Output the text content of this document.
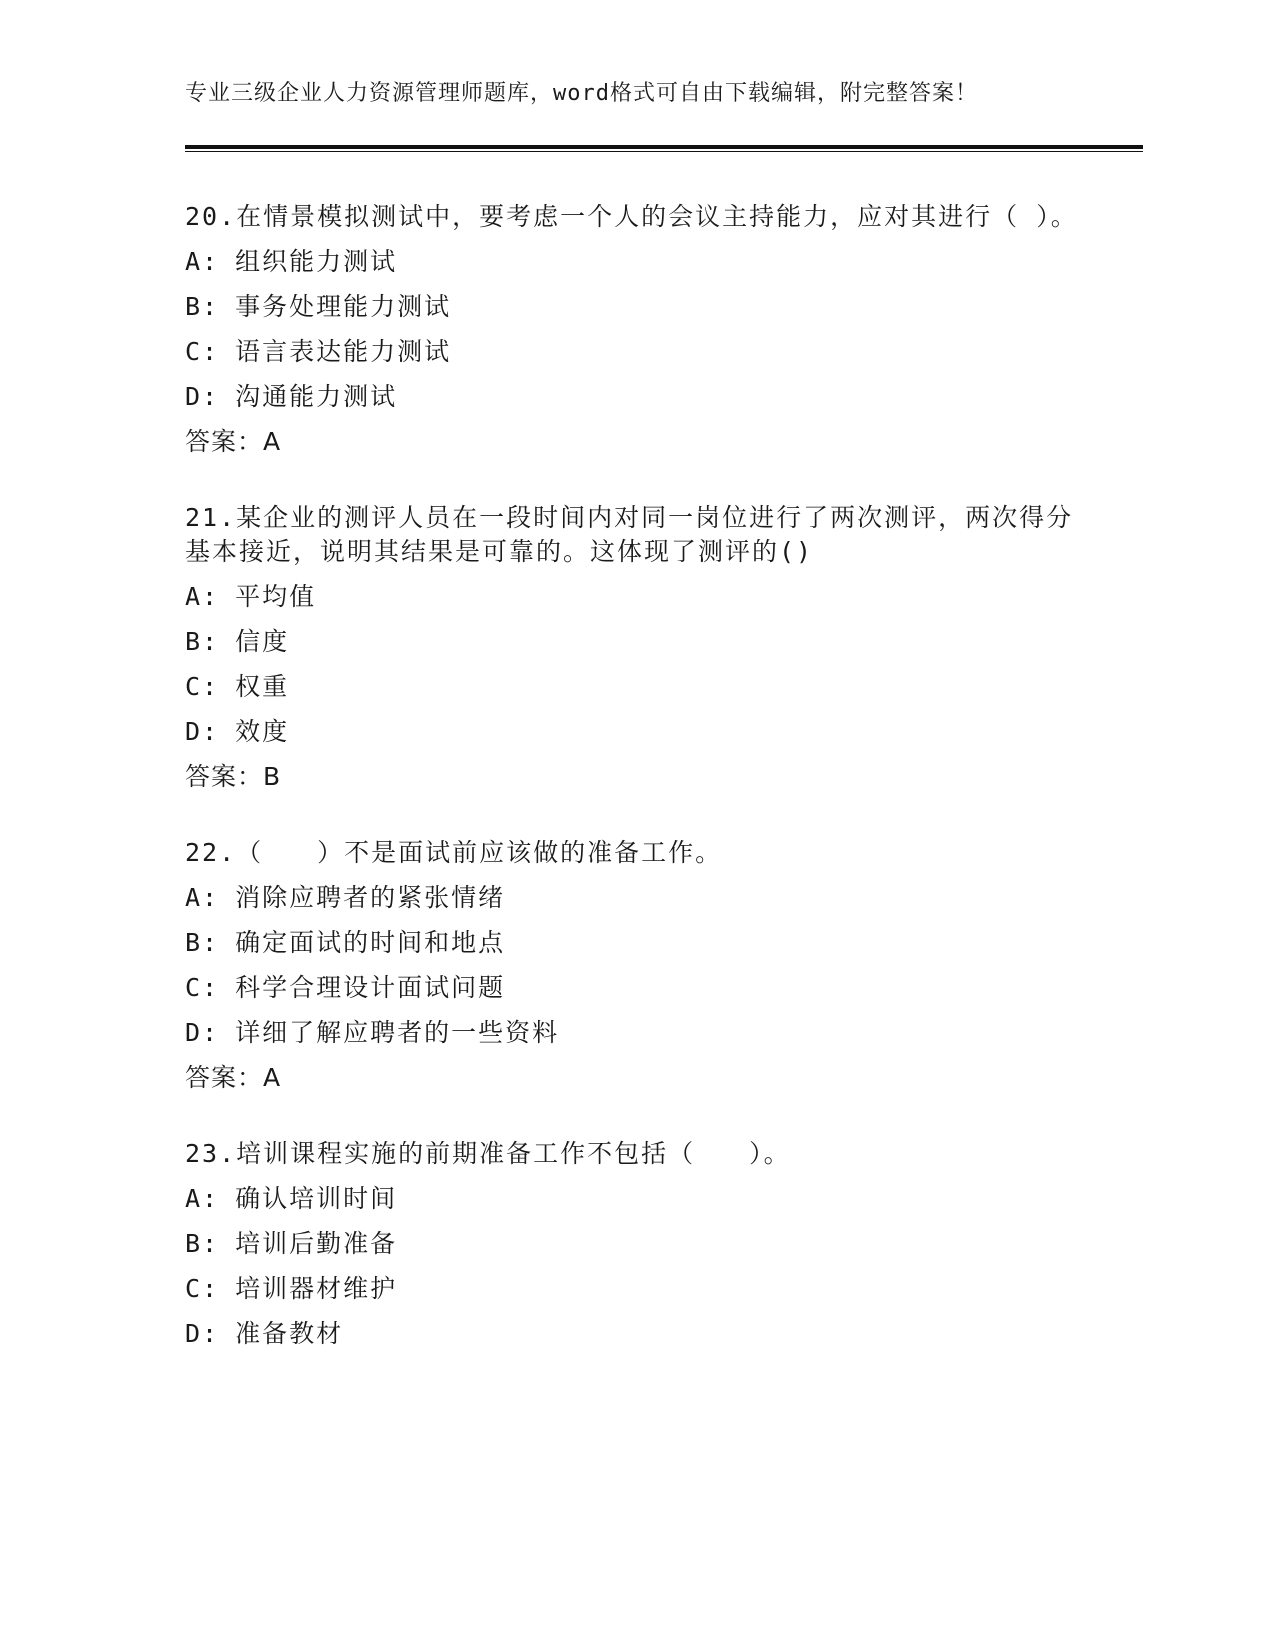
专业三级企业人力资源管理师题库，word格式可自由下载编辑，附完整答案！
20.在情景模拟测试中，要考虑一个人的会议主持能力，应对其进行（ ）。
A: 组织能力测试
B: 事务处理能力测试
C: 语言表达能力测试
D: 沟通能力测试
答案：A
21.某企业的测评人员在一段时间内对同一岗位进行了两次测评，两次得分基本接近，说明其结果是可靠的。这体现了测评的()
A: 平均值
B: 信度
C: 权重
D: 效度
答案：B
22.（　　）不是面试前应该做的准备工作。
A: 消除应聘者的紧张情绪
B: 确定面试的时间和地点
C: 科学合理设计面试问题
D: 详细了解应聘者的一些资料
答案：A
23.培训课程实施的前期准备工作不包括（　　）。
A: 确认培训时间
B: 培训后勤准备
C: 培训器材维护
D: 准备教材
